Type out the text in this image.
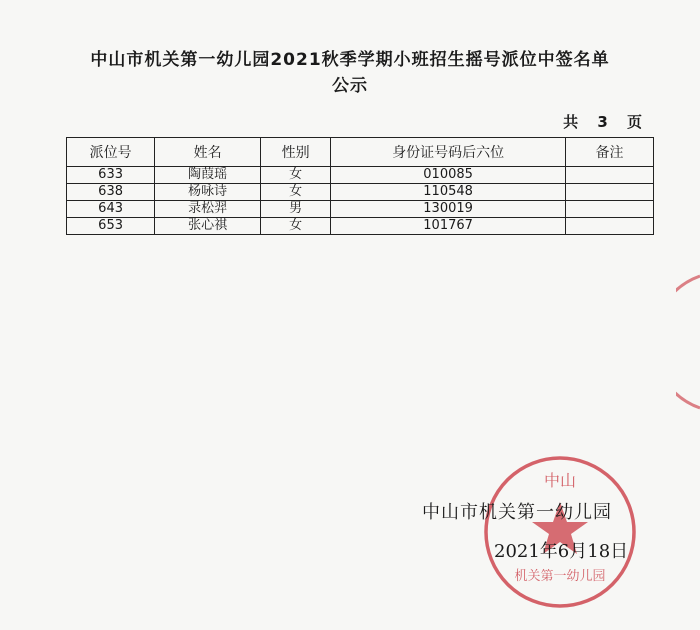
中山市机关第一幼儿园2021秋季学期小班招生摇号派位中签名单
公示
共 3 页
派位号	姓名	性别	身份证号码后六位	备注
633	陶葭瑶	女	010085	
638	杨咏诗	女	110548	
643	录松羿	男	130019	
653	张心祺	女	101767	
中山
机关第一幼儿园
中山市机关第一幼儿园
2021年6月18日
